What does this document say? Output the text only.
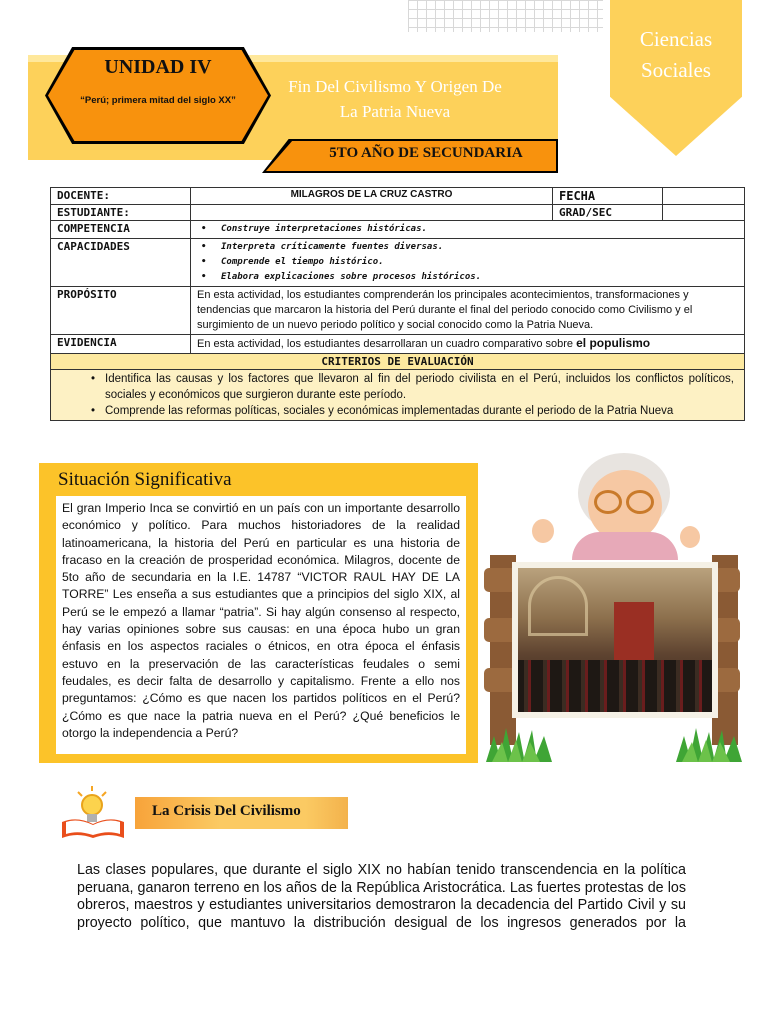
Ciencias
Sociales
UNIDAD IV
“Perú; primera mitad del siglo XX”
Fin Del Civilismo Y Origen De
La Patria Nueva
5TO AÑO DE SECUNDARIA
DOCENTE:	MILAGROS DE LA CRUZ CASTRO	FECHA	
ESTUDIANTE:		GRAD/SEC	
COMPETENCIA	• Construye interpretaciones históricas.

CAPACIDADES	• Interpreta críticamente fuentes diversas.
• Comprende el tiempo histórico.
• Elabora explicaciones sobre procesos históricos.

PROPÓSITO	En esta actividad, los estudiantes comprenderán los principales acontecimientos, transformaciones y tendencias que marcaron la historia del Perú durante el final del periodo conocido como Civilismo y el surgimiento de un nuevo periodo político y social conocido como la Patria Nueva.		
EVIDENCIA	En esta actividad, los estudiantes desarrollaran un cuadro comparativo sobre el populismo		
CRITERIOS DE EVALUACIÓN			

• Identifica las causas y los factores que llevaron al fin del periodo civilista en el Perú, incluidos los conflictos políticos, sociales y económicos que surgieron durante este período.
• Comprende las reformas políticas, sociales y económicas implementadas durante el periodo de la Patria Nueva
Situación Significativa
El gran Imperio Inca se convirtió en un país con un importante desarrollo económico y político. Para muchos historiadores de la realidad latinoamericana, la historia del Perú en particular es una historia de fracaso en la creación de prosperidad económica. Milagros, docente de 5to año de secundaria en la I.E. 14787 “VICTOR RAUL HAY DE LA TORRE” Les enseña a sus estudiantes que a principios del siglo XIX, al Perú se le empezó a llamar “patria”. Si hay algún consenso al respecto, hay varias opiniones sobre sus causas: en una época hubo un gran énfasis en los aspectos raciales o étnicos, en otra época el énfasis estuvo en la preservación de las características feudales o semi feudales, es decir falta de desarrollo y capitalismo. Frente a ello nos preguntamos: ¿Cómo es que nacen los partidos políticos en el Perú? ¿Cómo es que nace la patria nueva en el Perú? ¿Qué beneficios le otorgo la independencia a Perú?
La Crisis Del Civilismo
Las clases populares, que durante el siglo XIX no habían tenido transcendencia en la política
peruana, ganaron terreno en los años de la República Aristocrática. Las fuertes protestas de los
obreros, maestros y estudiantes universitarios demostraron la decadencia del Partido Civil y su
proyecto político, que mantuvo la distribución desigual de los ingresos generados por la
